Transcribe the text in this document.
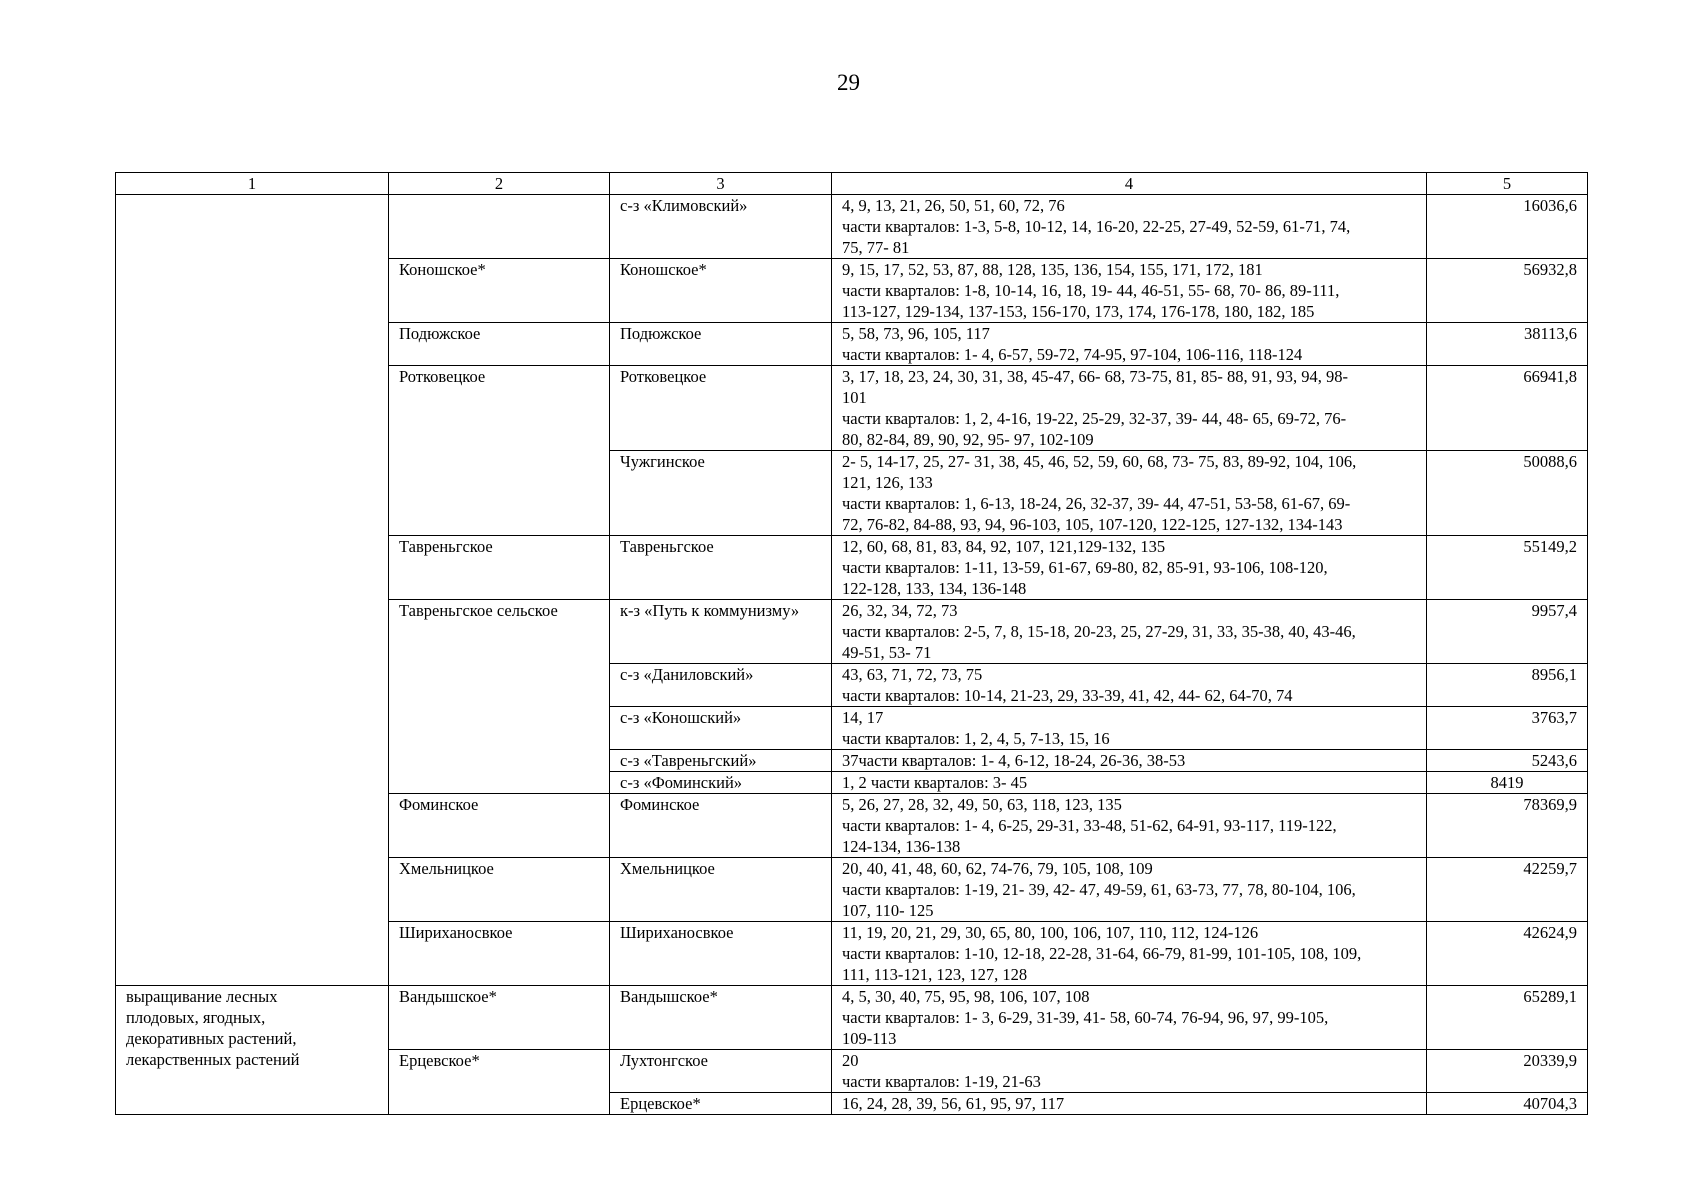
29
1	2	3	4	5
		с-з «Климовский»	4, 9, 13, 21, 26, 50, 51, 60, 72, 76
части кварталов: 1-3, 5-8, 10-12, 14, 16-20, 22-25, 27-49, 52-59, 61-71, 74,
75, 77- 81	16036,6
	Коношское*	Коношское*	9, 15, 17, 52, 53, 87, 88, 128, 135, 136, 154, 155, 171, 172, 181
части кварталов: 1-8, 10-14, 16, 18, 19- 44, 46-51, 55- 68, 70- 86, 89-111,
113-127, 129-134, 137-153, 156-170, 173, 174, 176-178, 180, 182, 185	56932,8
	Подюжское	Подюжское	5, 58, 73, 96, 105, 117
части кварталов: 1- 4, 6-57, 59-72, 74-95, 97-104, 106-116, 118-124	38113,6
	Ротковецкое	Ротковецкое	3, 17, 18, 23, 24, 30, 31, 38, 45-47, 66- 68, 73-75, 81, 85- 88, 91, 93, 94, 98-
101
части кварталов: 1, 2, 4-16, 19-22, 25-29, 32-37, 39- 44, 48- 65, 69-72, 76-
80, 82-84, 89, 90, 92, 95- 97, 102-109	66941,8
		Чужгинское	2- 5, 14-17, 25, 27- 31, 38, 45, 46, 52, 59, 60, 68, 73- 75, 83, 89-92, 104, 106,
121, 126, 133
части кварталов: 1, 6-13, 18-24, 26, 32-37, 39- 44, 47-51, 53-58, 61-67, 69-
72, 76-82, 84-88, 93, 94, 96-103, 105, 107-120, 122-125, 127-132, 134-143	50088,6
	Тавреньгское	Тавреньгское	12, 60, 68, 81, 83, 84, 92, 107, 121,129-132, 135
части кварталов: 1-11, 13-59, 61-67, 69-80, 82, 85-91, 93-106, 108-120,
122-128, 133, 134, 136-148	55149,2
	Тавреньгское сельское	к-з «Путь к коммунизму»	26, 32, 34, 72, 73
части кварталов: 2-5, 7, 8, 15-18, 20-23, 25, 27-29, 31, 33, 35-38, 40, 43-46,
49-51, 53- 71	9957,4
		с-з «Даниловский»	43, 63, 71, 72, 73, 75
части кварталов: 10-14, 21-23, 29, 33-39, 41, 42, 44- 62, 64-70, 74	8956,1
		с-з «Коношский»	14, 17
части кварталов: 1, 2, 4, 5, 7-13, 15, 16	3763,7
		с-з «Тавреньгский»	37части кварталов: 1- 4, 6-12, 18-24, 26-36, 38-53	5243,6
		с-з «Фоминский»	1, 2 части кварталов: 3- 45	8419
	Фоминское	Фоминское	5, 26, 27, 28, 32, 49, 50, 63, 118, 123, 135
части кварталов: 1- 4, 6-25, 29-31, 33-48, 51-62, 64-91, 93-117, 119-122,
124-134, 136-138	78369,9
	Хмельницкое	Хмельницкое	20, 40, 41, 48, 60, 62, 74-76, 79, 105, 108, 109
части кварталов: 1-19, 21- 39, 42- 47, 49-59, 61, 63-73, 77, 78, 80-104, 106,
107, 110- 125	42259,7
	Шириханосвкое	Шириханосвкое	11, 19, 20, 21, 29, 30, 65, 80, 100, 106, 107, 110, 112, 124-126
части кварталов: 1-10, 12-18, 22-28, 31-64, 66-79, 81-99, 101-105, 108, 109,
111, 113-121, 123, 127, 128	42624,9

выращивание лесных
плодовых, ягодных,
декоративных растений,
лекарственных растений	Вандышское*	Вандышское*	4, 5, 30, 40, 75, 95, 98, 106, 107, 108
части кварталов: 1- 3, 6-29, 31-39, 41- 58, 60-74, 76-94, 96, 97, 99-105,
109-113	65289,1
	Ерцевское*	Лухтонгское	20
части кварталов: 1-19, 21-63	20339,9
		Ерцевское*	16, 24, 28, 39, 56, 61, 95, 97, 117	40704,3
